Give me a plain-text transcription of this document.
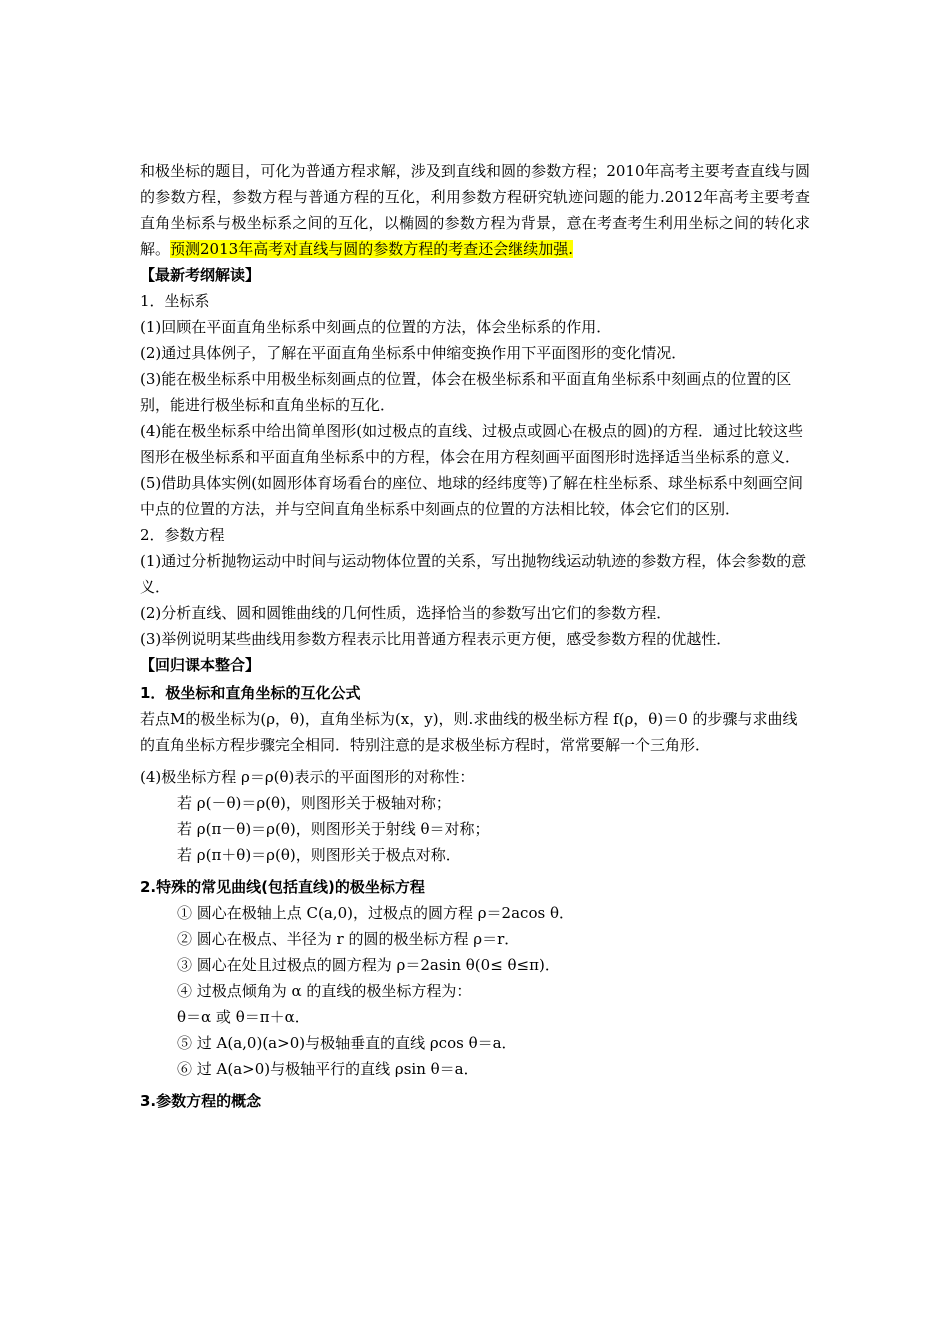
和极坐标的题目，可化为普通方程求解，涉及到直线和圆的参数方程；2010年高考主要考查直线与圆的参数方程，参数方程与普通方程的互化，利用参数方程研究轨迹问题的能力.2012年高考主要考查直角坐标系与极坐标系之间的互化，以椭圆的参数方程为背景，意在考查考生利用坐标之间的转化求解。预测2013年高考对直线与圆的参数方程的考查还会继续加强.

【最新考纲解读】

1．坐标系

(1)回顾在平面直角坐标系中刻画点的位置的方法，体会坐标系的作用．

(2)通过具体例子，了解在平面直角坐标系中伸缩变换作用下平面图形的变化情况．

(3)能在极坐标系中用极坐标刻画点的位置，体会在极坐标系和平面直角坐标系中刻画点的位置的区别，能进行极坐标和直角坐标的互化．

(4)能在极坐标系中给出简单图形(如过极点的直线、过极点或圆心在极点的圆)的方程．通过比较这些图形在极坐标系和平面直角坐标系中的方程，体会在用方程刻画平面图形时选择适当坐标系的意义．

(5)借助具体实例(如圆形体育场看台的座位、地球的经纬度等)了解在柱坐标系、球坐标系中刻画空间中点的位置的方法，并与空间直角坐标系中刻画点的位置的方法相比较，体会它们的区别．

2．参数方程

(1)通过分析抛物运动中时间与运动物体位置的关系，写出抛物线运动轨迹的参数方程，体会参数的意义．

(2)分析直线、圆和圆锥曲线的几何性质，选择恰当的参数写出它们的参数方程．

(3)举例说明某些曲线用参数方程表示比用普通方程表示更方便，感受参数方程的优越性．

【回归课本整合】

1．极坐标和直角坐标的互化公式

若点M的极坐标为(ρ，θ)，直角坐标为(x，y)，则.求曲线的极坐标方程 f(ρ，θ)＝0 的步骤与求曲线的直角坐标方程步骤完全相同．特别注意的是求极坐标方程时，常常要解一个三角形．

(4)极坐标方程 ρ＝ρ(θ)表示的平面图形的对称性：

若 ρ(－θ)＝ρ(θ)，则图形关于极轴对称；

若 ρ(π－θ)＝ρ(θ)，则图形关于射线 θ＝对称；

若 ρ(π＋θ)＝ρ(θ)，则图形关于极点对称．

2.特殊的常见曲线(包括直线)的极坐标方程

① 圆心在极轴上点 C(a,0)，过极点的圆方程 ρ＝2acos θ．

② 圆心在极点、半径为 r 的圆的极坐标方程 ρ＝r．

③ 圆心在处且过极点的圆方程为 ρ＝2asin θ(0≤ θ≤π)．

④ 过极点倾角为 α 的直线的极坐标方程为：

θ＝α 或 θ＝π＋α．

⑤ 过 A(a,0)(a>0)与极轴垂直的直线 ρcos θ＝a．

⑥ 过 A(a>0)与极轴平行的直线 ρsin θ＝a．

3.参数方程的概念
